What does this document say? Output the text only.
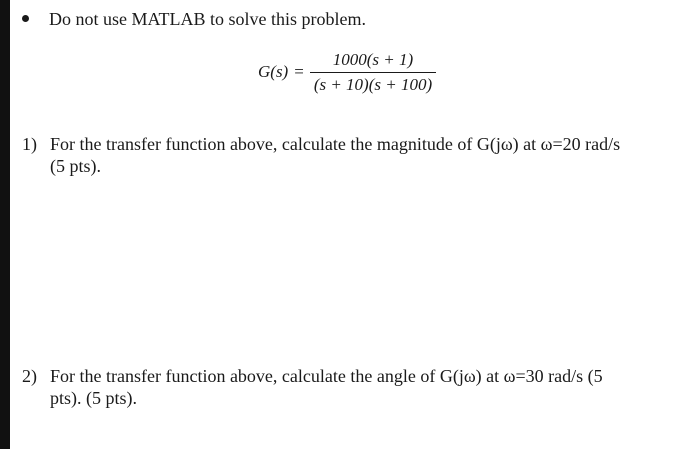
Do not use MATLAB to solve this problem.
$G(s) = \frac{1000(s + 1)}{(s + 10)(s + 100)}$
1) For the transfer function above, calculate the magnitude of G(jω) at ω=20 rad/s
(5 pts).
2) For the transfer function above, calculate the angle of G(jω) at ω=30 rad/s (5
pts). (5 pts).
